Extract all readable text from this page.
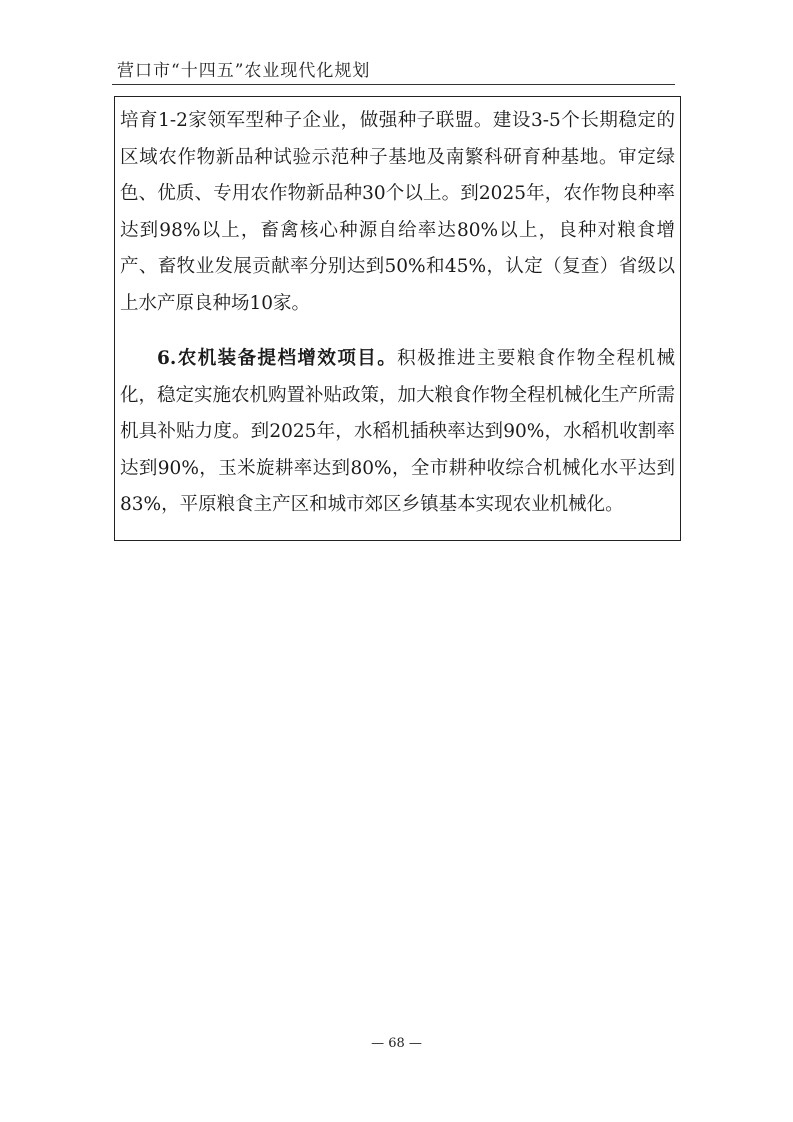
营口市“十四五”农业现代化规划

培育1-2家领军型种子企业，做强种子联盟。建设3-5个长期稳定的区域农作物新品种试验示范种子基地及南繁科研育种基地。审定绿色、优质、专用农作物新品种30个以上。到2025年，农作物良种率达到98%以上，畜禽核心种源自给率达80%以上，良种对粮食增产、畜牧业发展贡献率分别达到50%和45%，认定（复查）省级以上水产原良种场10家。

6.农机装备提档增效项目。积极推进主要粮食作物全程机械化，稳定实施农机购置补贴政策，加大粮食作物全程机械化生产所需机具补贴力度。到2025年，水稻机插秧率达到90%，水稻机收割率达到90%，玉米旋耕率达到80%，全市耕种收综合机械化水平达到83%，平原粮食主产区和城市郊区乡镇基本实现农业机械化。

— 68 —
